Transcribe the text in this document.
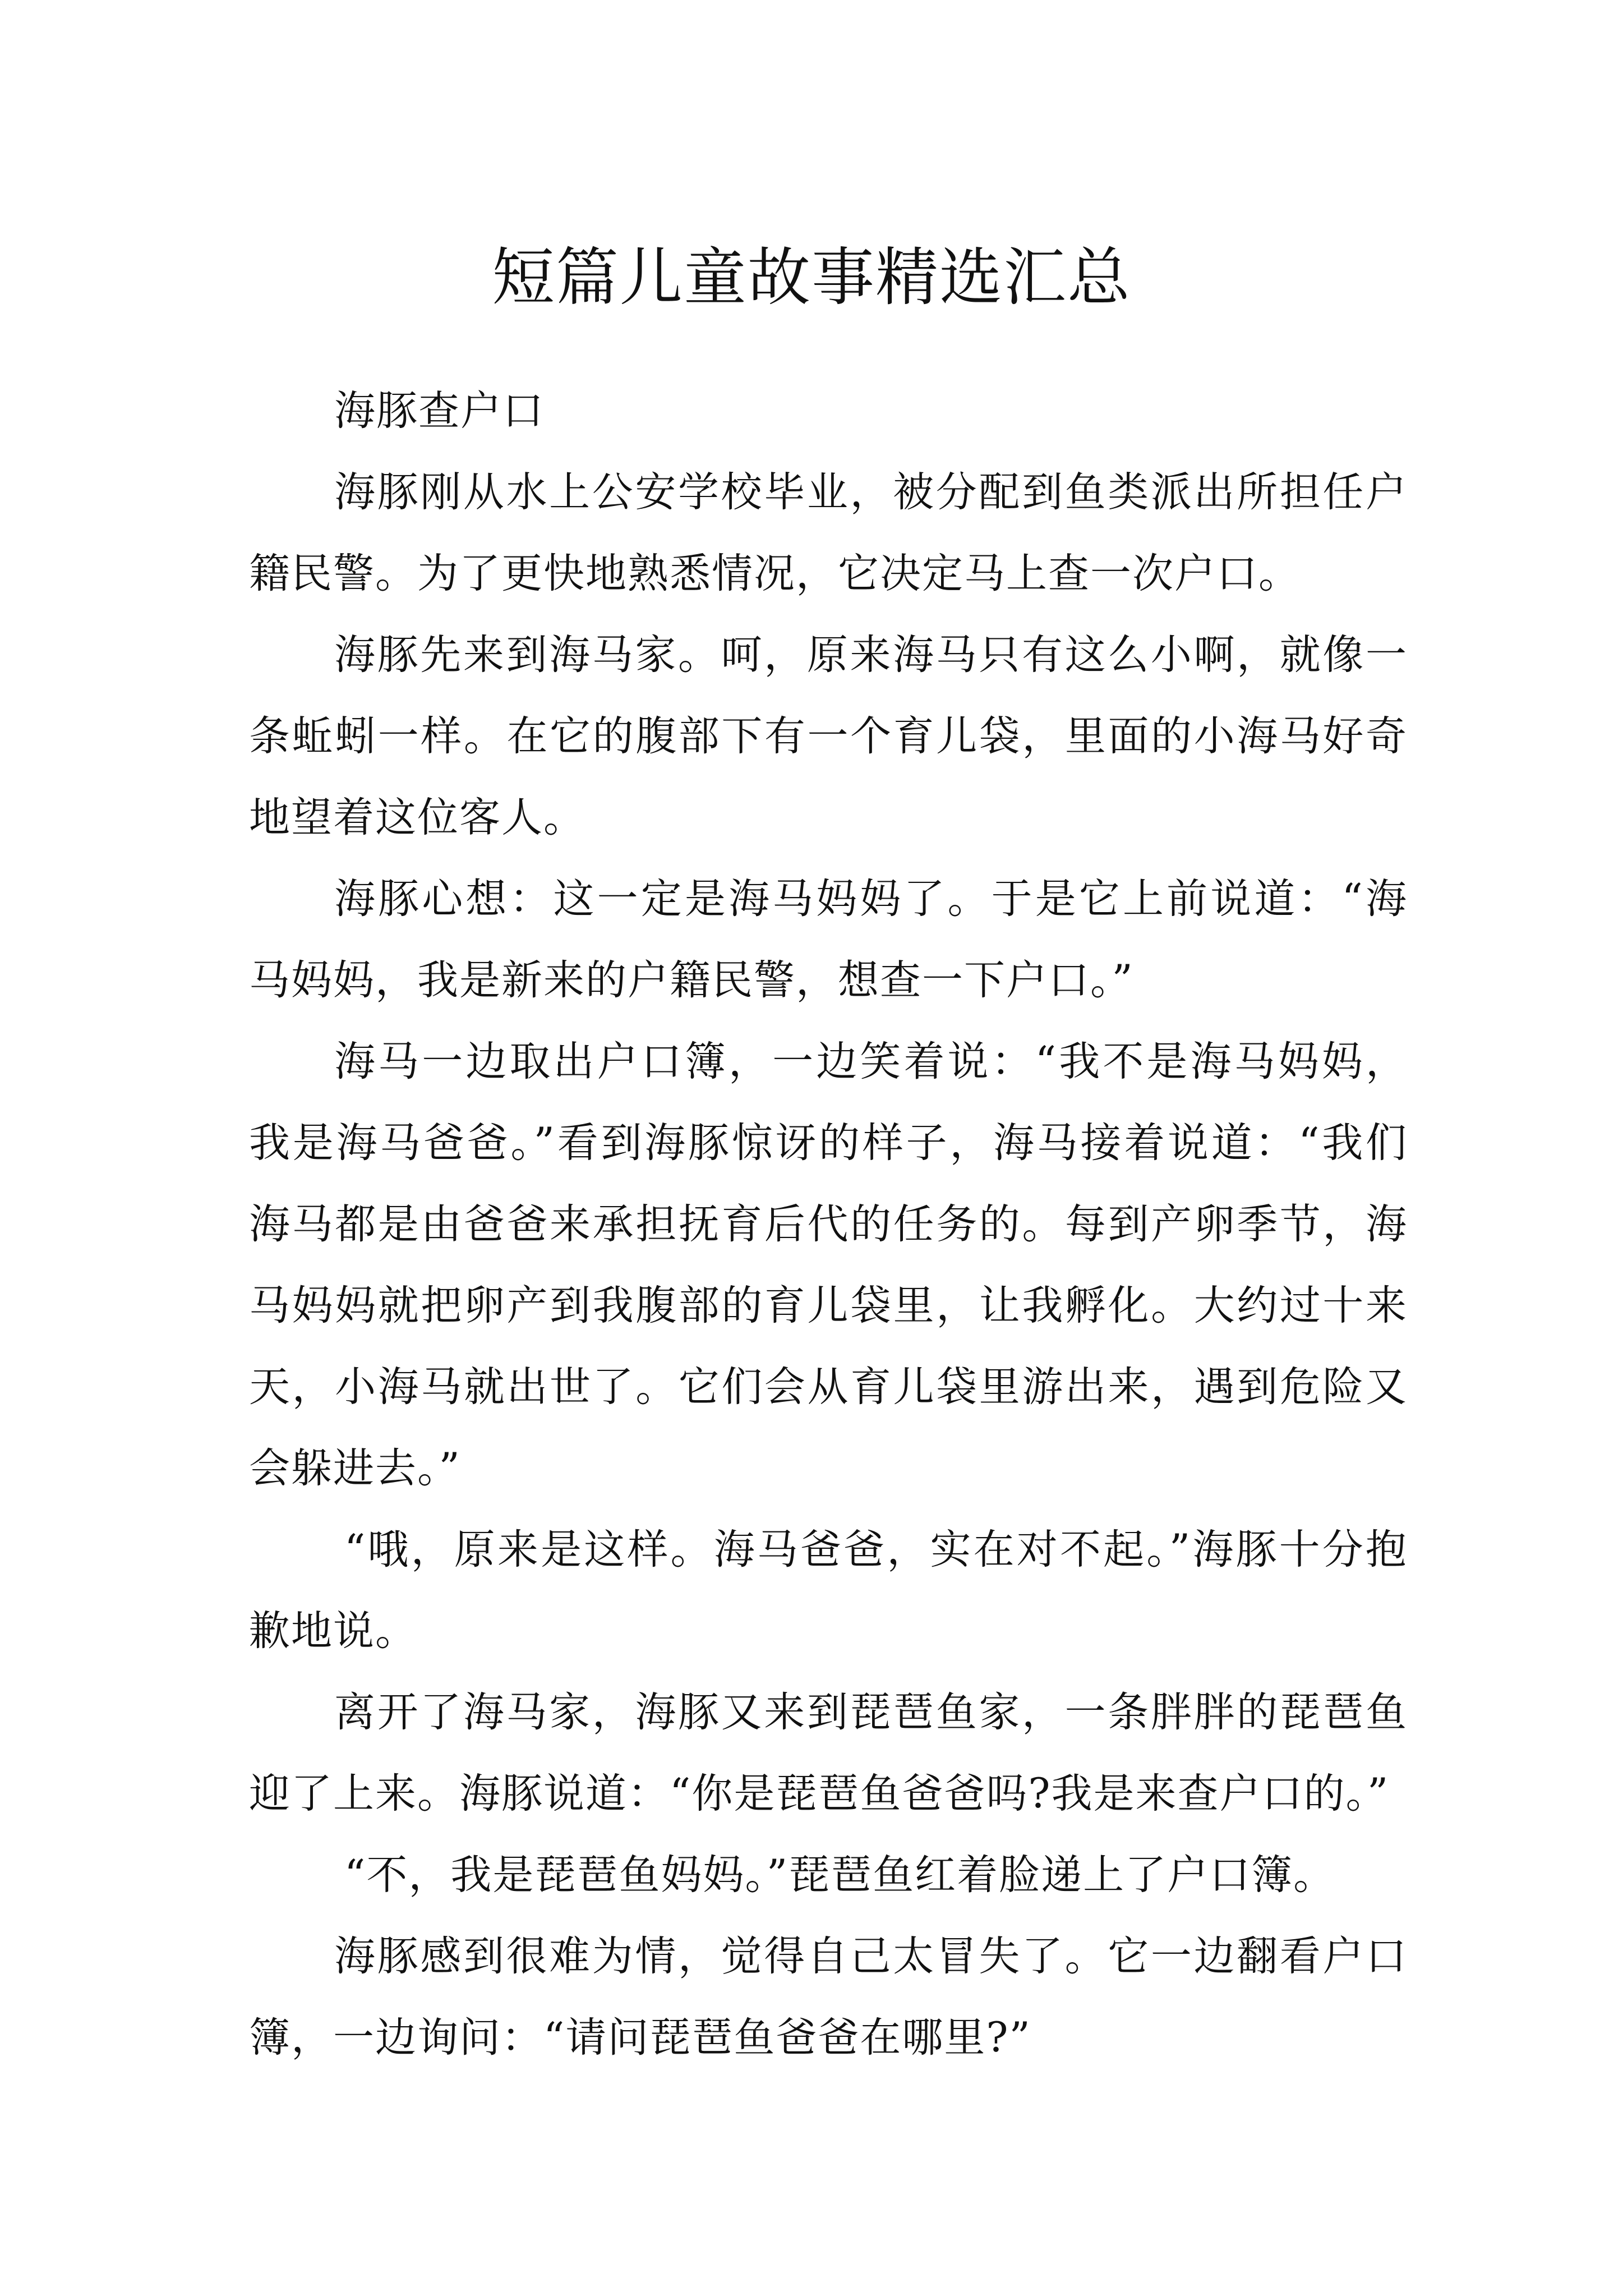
短篇儿童故事精选汇总

海豚查户口

海豚刚从水上公安学校毕业，被分配到鱼类派出所担任户籍民警。为了更快地熟悉情况，它决定马上查一次户口。

海豚先来到海马家。呵，原来海马只有这么小啊，就像一条蚯蚓一样。在它的腹部下有一个育儿袋，里面的小海马好奇地望着这位客人。

海豚心想：这一定是海马妈妈了。于是它上前说道：“海马妈妈，我是新来的户籍民警，想查一下户口。”

海马一边取出户口簿，一边笑着说：“我不是海马妈妈，我是海马爸爸。”看到海豚惊讶的样子，海马接着说道：“我们海马都是由爸爸来承担抚育后代的任务的。每到产卵季节，海马妈妈就把卵产到我腹部的育儿袋里，让我孵化。大约过十来天，小海马就出世了。它们会从育儿袋里游出来，遇到危险又会躲进去。”

“哦，原来是这样。海马爸爸，实在对不起。”海豚十分抱歉地说。

离开了海马家，海豚又来到琵琶鱼家，一条胖胖的琵琶鱼迎了上来。海豚说道：“你是琵琶鱼爸爸吗?我是来查户口的。”

“不，我是琵琶鱼妈妈。”琵琶鱼红着脸递上了户口簿。

海豚感到很难为情，觉得自己太冒失了。它一边翻看户口簿，一边询问：“请问琵琶鱼爸爸在哪里?”
